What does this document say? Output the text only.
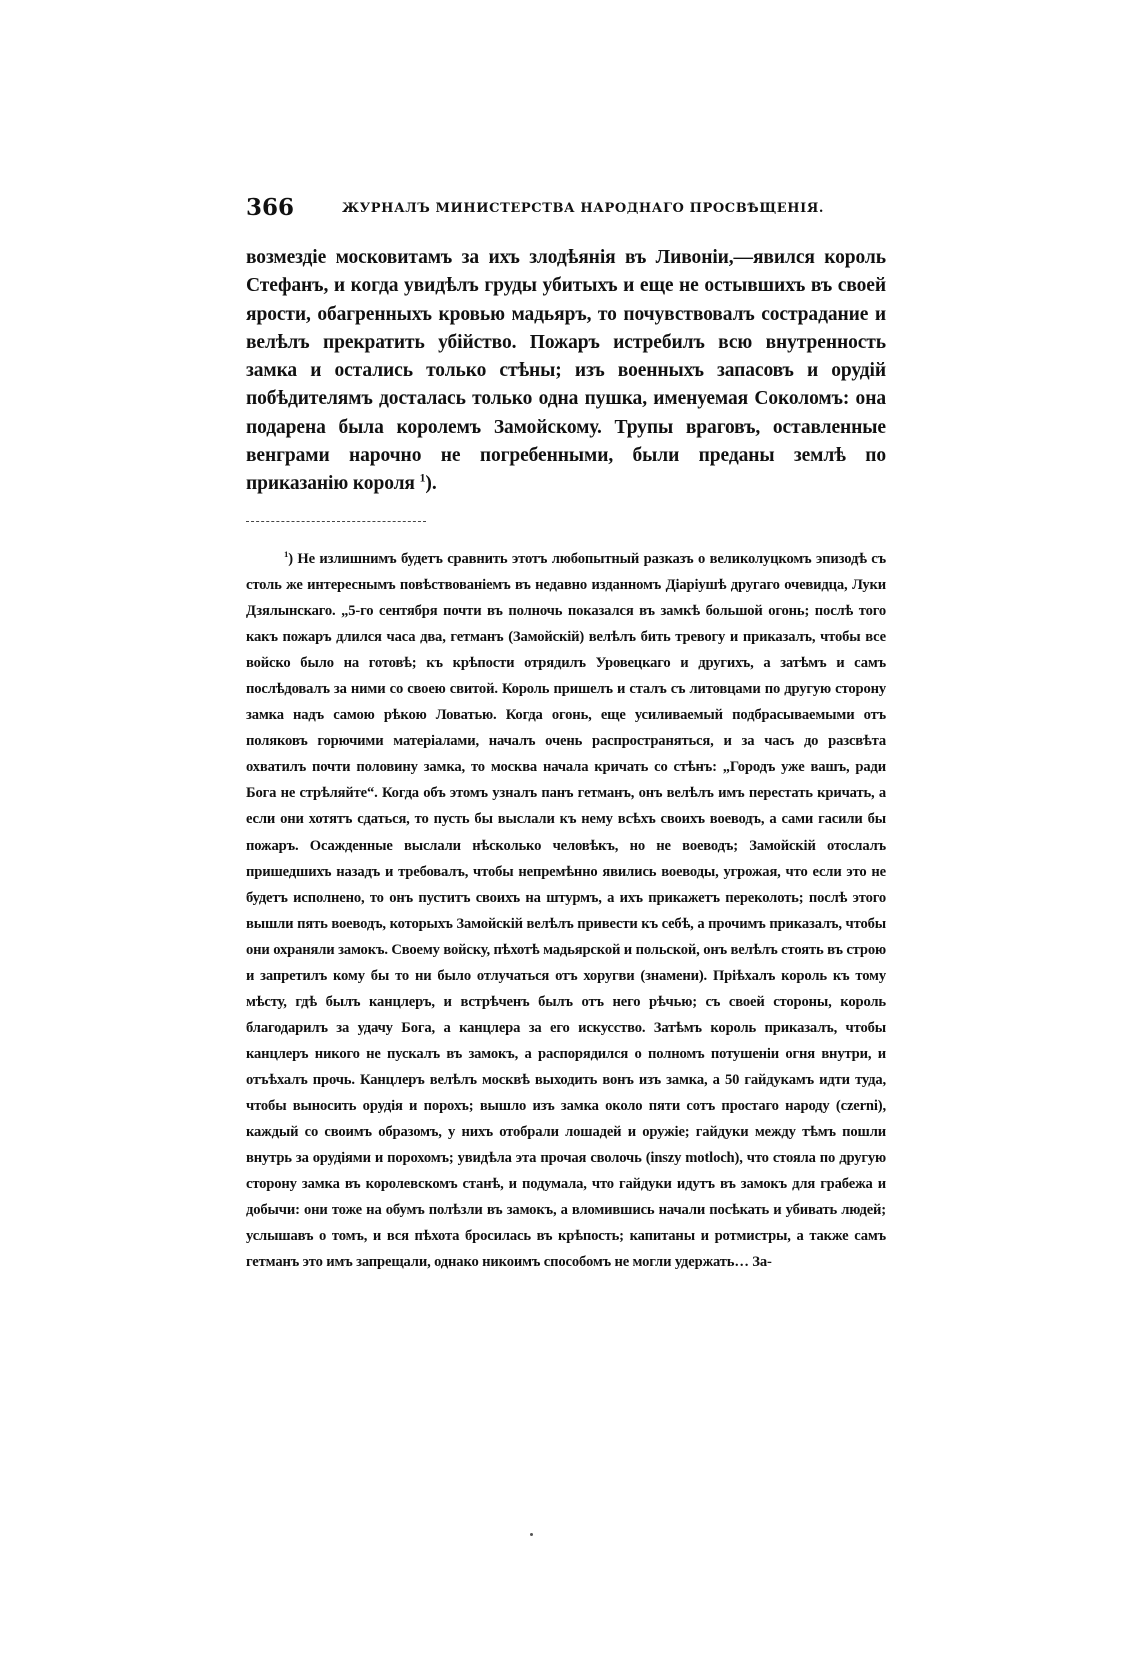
366	ЖУРНАЛЪ МИНИСТЕРСТВА НАРОДНАГО ПРОСВѢЩЕНІЯ.

возмездіе московитамъ за ихъ злодѣянія въ Ливоніи,—явился король Стефанъ, и когда увидѣлъ груды убитыхъ и еще не остывшихъ въ своей ярости, обагренныхъ кровью мадьяръ, то почувствовалъ сострадание и велѣлъ прекратить убійство. Пожаръ истребилъ всю внутренность замка и остались только стѣны; изъ военныхъ запасовъ и орудій побѣдителямъ досталась только одна пушка, именуемая Соколомъ: она подарена была королемъ Замойскому. Трупы враговъ, оставленные венграми нарочно не погребенными, были преданы землѣ по приказанію короля $^1$).

$^1$) Не излишнимъ будетъ сравнить этотъ любопытный разказъ о великолуцкомъ эпизодѣ съ столь же интереснымъ повѣствованіемъ въ недавно изданномъ Діаріушѣ другаго очевидца, Луки Дзялынскаго. „5-го сентября почти въ полночь показался въ замкѣ большой огонь; послѣ того какъ пожаръ длился часа два, гетманъ (Замойскій) велѣлъ бить тревогу и приказалъ, чтобы все войско было на готовѣ; къ крѣпости отрядилъ Уровецкаго и другихъ, а затѣмъ и самъ послѣдовалъ за ними со своею свитой. Король пришелъ и сталъ съ литовцами по другую сторону замка надъ самою рѣкою Ловатью. Когда огонь, еще усиливаемый подбрасываемыми отъ поляковъ горючими матеріалами, началъ очень распространяться, и за часъ до разсвѣта охватилъ почти половину замка, то москва начала кричать со стѣнъ: „Городъ уже вашъ, ради Бога не стрѣляйте“. Когда объ этомъ узналъ панъ гетманъ, онъ велѣлъ имъ перестать кричать, а если они хотятъ сдаться, то пусть бы выслали къ нему всѣхъ своихъ воеводъ, а сами гасили бы пожаръ. Осажденные выслали нѣсколько человѣкъ, но не воеводъ; Замойскій отослалъ пришедшихъ назадъ и требовалъ, чтобы непремѣнно явились воеводы, угрожая, что если это не будетъ исполнено, то онъ пуститъ своихъ на штурмъ, а ихъ прикажетъ переколоть; послѣ этого вышли пять воеводъ, которыхъ Замойскій велѣлъ привести къ себѣ, а прочимъ приказалъ, чтобы они охраняли замокъ. Своему войску, пѣхотѣ мадьярской и польской, онъ велѣлъ стоять въ строю и запретилъ кому бы то ни было отлучаться отъ хоругви (знамени). Пріѣхалъ король къ тому мѣсту, гдѣ былъ канцлеръ, и встрѣченъ былъ отъ него рѣчью; съ своей стороны, король благодарилъ за удачу Бога, а канцлера за его искусство. Затѣмъ король приказалъ, чтобы канцлеръ никого не пускалъ въ замокъ, а распорядился о полномъ потушеніи огня внутри, и отъѣхалъ прочь. Канцлеръ велѣлъ москвѣ выходить вонъ изъ замка, а 50 гайдукамъ идти туда, чтобы выносить орудія и порохъ; вышло изъ замка около пяти сотъ простаго народу (czerni), каждый со своимъ образомъ, у нихъ отобрали лошадей и оружіе; гайдуки между тѣмъ пошли внутрь за орудіями и порохомъ; увидѣла эта прочая сволочь (inszy motloch), что стояла по другую сторону замка въ королевскомъ станѣ, и подумала, что гайдуки идутъ въ замокъ для грабежа и добычи: они тоже на обумъ полѣзли въ замокъ, а вломившись начали посѣкать и убивать людей; услышавъ о томъ, и вся пѣхота бросилась въ крѣпость; капитаны и ротмистры, а также самъ гетманъ это имъ запрещали, однако никоимъ способомъ не могли удержать… За-
